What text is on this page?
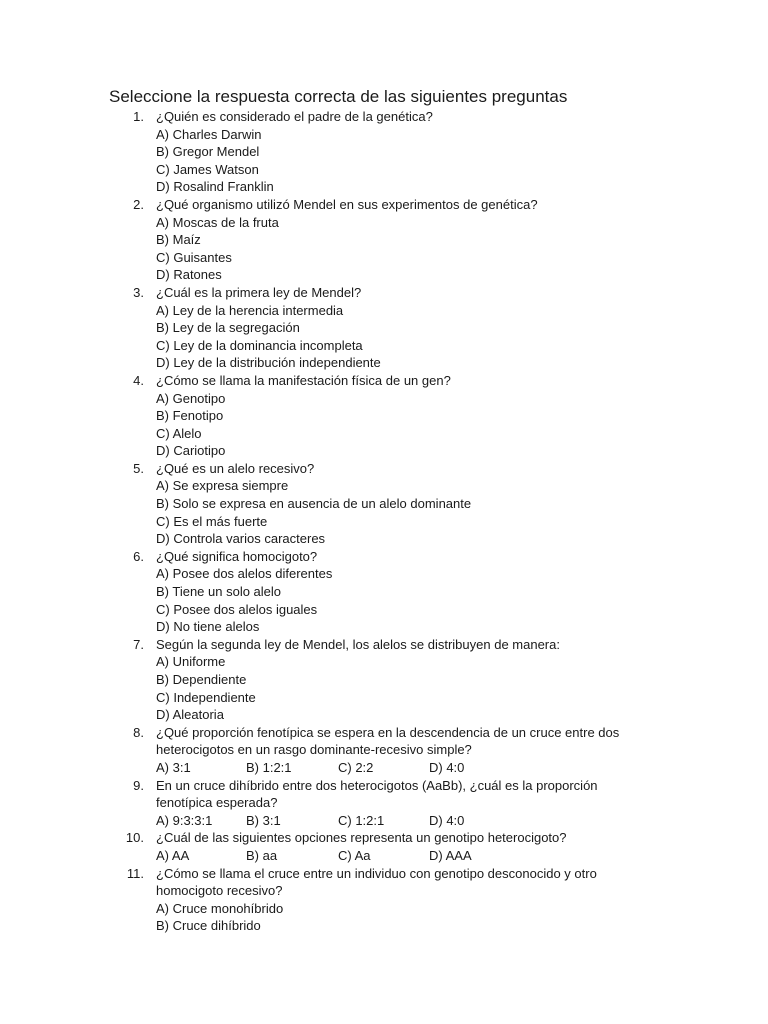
Seleccione la respuesta correcta de las siguientes preguntas
1. ¿Quién es considerado el padre de la genética?
A) Charles Darwin
B) Gregor Mendel
C) James Watson
D) Rosalind Franklin
2. ¿Qué organismo utilizó Mendel en sus experimentos de genética?
A) Moscas de la fruta
B) Maíz
C) Guisantes
D) Ratones
3. ¿Cuál es la primera ley de Mendel?
A) Ley de la herencia intermedia
B) Ley de la segregación
C) Ley de la dominancia incompleta
D) Ley de la distribución independiente
4. ¿Cómo se llama la manifestación física de un gen?
A) Genotipo
B) Fenotipo
C) Alelo
D) Cariotipo
5. ¿Qué es un alelo recesivo?
A) Se expresa siempre
B) Solo se expresa en ausencia de un alelo dominante
C) Es el más fuerte
D) Controla varios caracteres
6. ¿Qué significa homocigoto?
A) Posee dos alelos diferentes
B) Tiene un solo alelo
C) Posee dos alelos iguales
D) No tiene alelos
7. Según la segunda ley de Mendel, los alelos se distribuyen de manera:
A) Uniforme
B) Dependiente
C) Independiente
D) Aleatoria
8. ¿Qué proporción fenotípica se espera en la descendencia de un cruce entre dos heterocigotos en un rasgo dominante-recesivo simple?
A) 3:1	B) 1:2:1	C) 2:2	D) 4:0
9. En un cruce dihíbrido entre dos heterocigotos (AaBb), ¿cuál es la proporción fenotípica esperada?
A) 9:3:3:1	B) 3:1	C) 1:2:1	D) 4:0
10. ¿Cuál de las siguientes opciones representa un genotipo heterocigoto?
A) AA	B) aa	C) Aa	D) AAA
11. ¿Cómo se llama el cruce entre un individuo con genotipo desconocido y otro homocigoto recesivo?
A) Cruce monohíbrido
B) Cruce dihíbrido
